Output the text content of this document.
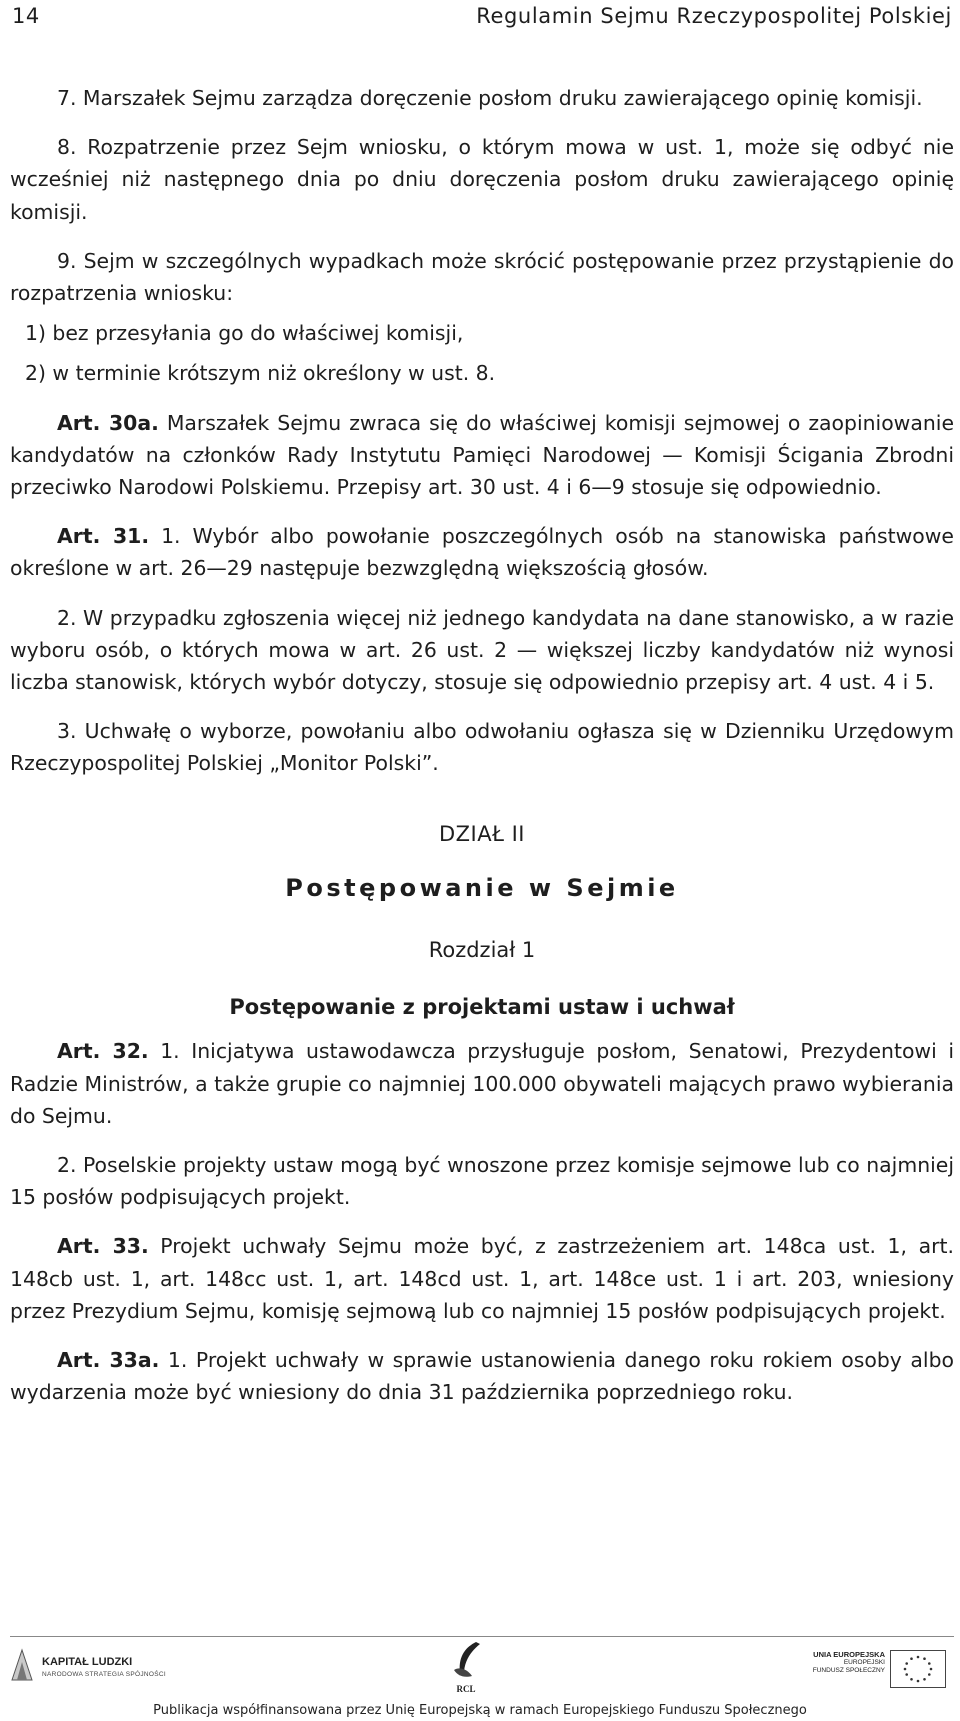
14	Regulamin Sejmu Rzeczypospolitej Polskiej

7. Marszałek Sejmu zarządza doręczenie posłom druku zawierającego opinię komisji.

8. Rozpatrzenie przez Sejm wniosku, o którym mowa w ust. 1, może się odbyć nie wcześniej niż następnego dnia po dniu doręczenia posłom druku zawierającego opinię komisji.

9. Sejm w szczególnych wypadkach może skrócić postępowanie przez przystąpienie do rozpatrzenia wniosku:

1) bez przesyłania go do właściwej komisji,
2) w terminie krótszym niż określony w ust. 8.

Art. 30a. Marszałek Sejmu zwraca się do właściwej komisji sejmowej o zaopiniowanie kandydatów na członków Rady Instytutu Pamięci Narodowej — Komisji Ścigania Zbrodni przeciwko Narodowi Polskiemu. Przepisy art. 30 ust. 4 i 6—9 stosuje się odpowiednio.

Art. 31. 1. Wybór albo powołanie poszczególnych osób na stanowiska państwowe określone w art. 26—29 następuje bezwzględną większością głosów.

2. W przypadku zgłoszenia więcej niż jednego kandydata na dane stanowisko, a w razie wyboru osób, o których mowa w art. 26 ust. 2 — większej liczby kandydatów niż wynosi liczba stanowisk, których wybór dotyczy, stosuje się odpowiednio przepisy art. 4 ust. 4 i 5.

3. Uchwałę o wyborze, powołaniu albo odwołaniu ogłasza się w Dzienniku Urzędowym Rzeczypospolitej Polskiej „Monitor Polski”.

DZIAŁ II
Postępowanie w Sejmie
Rozdział 1
Postępowanie z projektami ustaw i uchwał

Art. 32. 1. Inicjatywa ustawodawcza przysługuje posłom, Senatowi, Prezydentowi i Radzie Ministrów, a także grupie co najmniej 100.000 obywateli mających prawo wybierania do Sejmu.

2. Poselskie projekty ustaw mogą być wnoszone przez komisje sejmowe lub co najmniej 15 posłów podpisujących projekt.

Art. 33. Projekt uchwały Sejmu może być, z zastrzeżeniem art. 148ca ust. 1, art. 148cb ust. 1, art. 148cc ust. 1, art. 148cd ust. 1, art. 148ce ust. 1 i art. 203, wniesiony przez Prezydium Sejmu, komisję sejmową lub co najmniej 15 posłów podpisujących projekt.

Art. 33a. 1. Projekt uchwały w sprawie ustanowienia danego roku rokiem osoby albo wydarzenia może być wniesiony do dnia 31 października poprzedniego roku.

KAPITAŁ LUDZKI
NARODOWA STRATEGIA SPÓJNOŚCI
RCL
UNIA EUROPEJSKA
EUROPEJSKI
FUNDUSZ SPOŁECZNY
Publikacja współfinansowana przez Unię Europejską w ramach Europejskiego Funduszu Społecznego
